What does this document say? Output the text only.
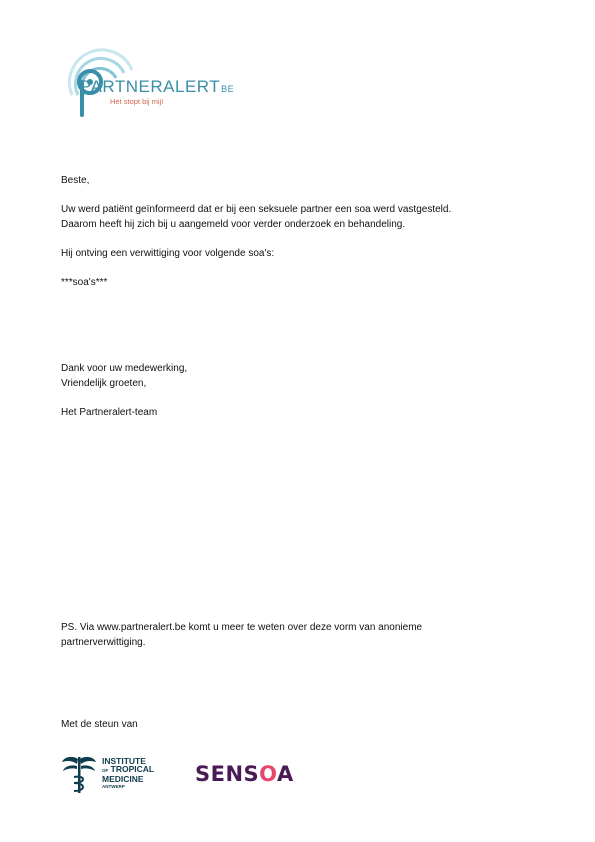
PARTNERALERTBE
Het stopt bij mij!

Beste,

Uw werd patiënt geïnformeerd dat er bij een seksuele partner een soa werd vastgesteld.

Daarom heeft hij zich bij u aangemeld voor verder onderzoek en behandeling.

Hij ontving een verwittiging voor volgende soa's:

***soa's***

Dank voor uw medewerking,

Vriendelijk groeten,

Het Partneralert-team

PS. Via www.partneralert.be komt u meer te weten over deze vorm van anonieme
partnerverwittiging.
Met de steun van
INSTITUTE
OF TROPICAL
MEDICINE
ANTWERP
SENSOA
